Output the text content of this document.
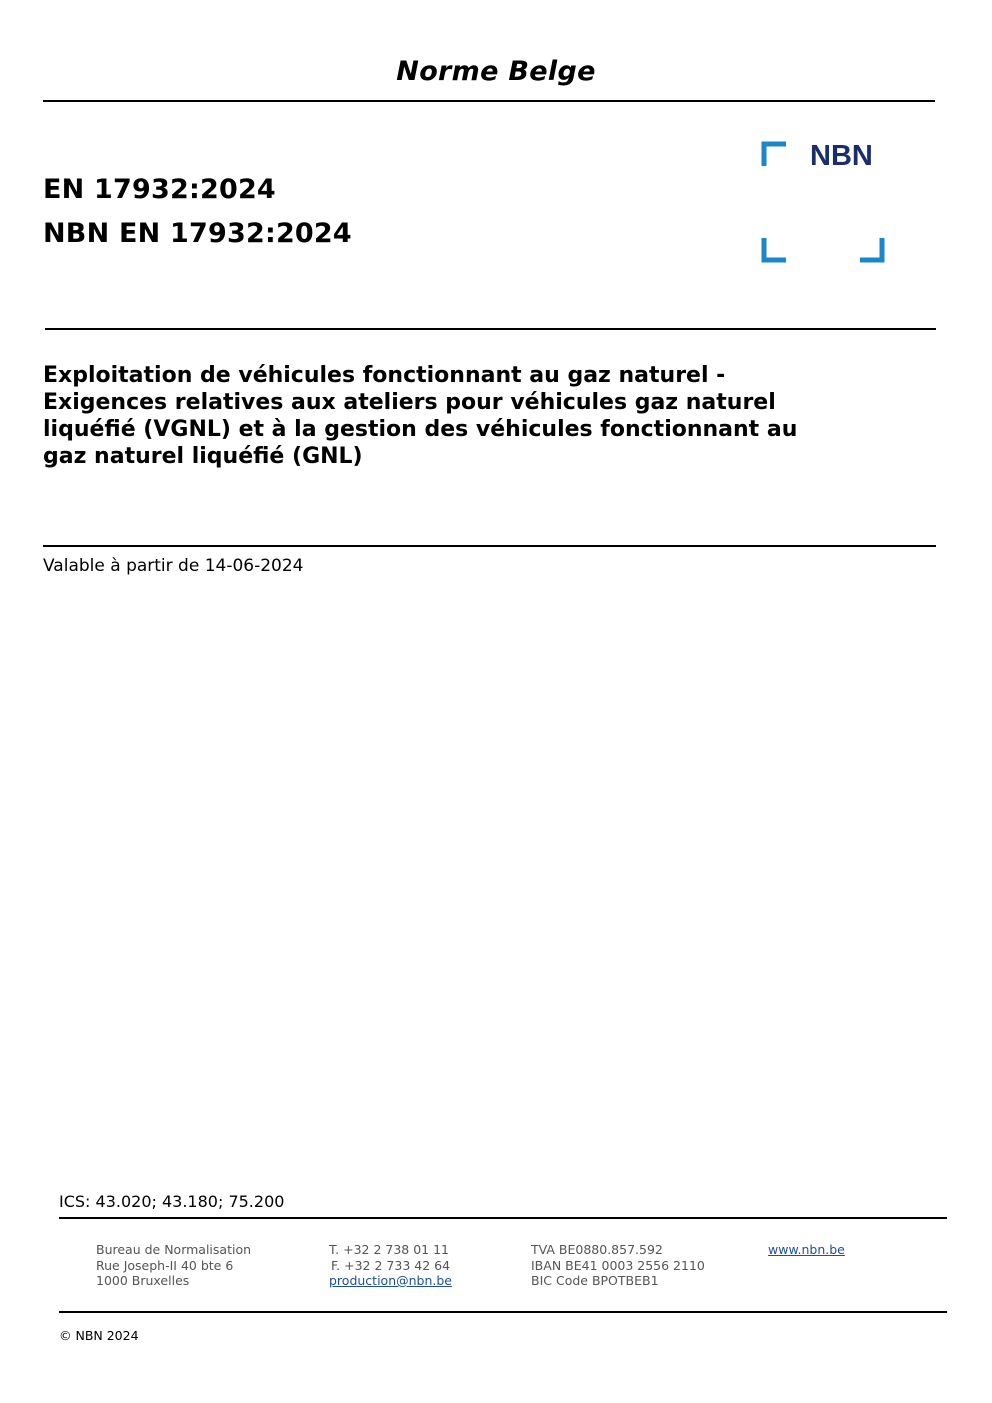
Norme Belge
EN 17932:2024
NBN EN 17932:2024
NBN
Exploitation de véhicules fonctionnant au gaz naturel -
Exigences relatives aux ateliers pour véhicules gaz naturel
liquéfié (VGNL) et à la gestion des véhicules fonctionnant au
gaz naturel liquéfié (GNL)
Valable à partir de 14-06-2024
ICS: 43.020; 43.180; 75.200
Bureau de Normalisation
Rue Joseph-II 40 bte 6
1000 Bruxelles
T. +32 2 738 01 11
F. +32 2 733 42 64
production@nbn.be
TVA BE0880.857.592
IBAN BE41 0003 2556 2110
BIC Code BPOTBEB1
www.nbn.be
© NBN 2024
